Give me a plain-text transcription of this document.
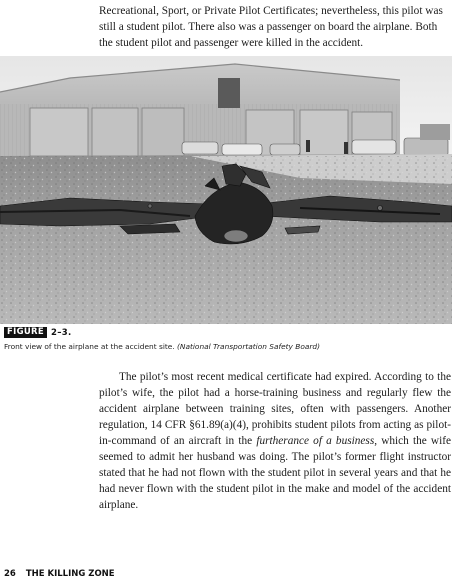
Recreational, Sport, or Private Pilot Certificates; nevertheless, this pilot was still a student pilot. There also was a passenger on board the airplane. Both the student pilot and passenger were killed in the accident.

FIGURE 2–3.

Front view of the airplane at the accident site. (National Transportation Safety Board)

The pilot’s most recent medical certificate had expired. According to the pilot’s wife, the pilot had a horse-training business and regularly flew the accident airplane between training sites, often with passengers. Another regulation, 14 CFR §61.89(a)(4), prohibits student pilots from acting as pilot-in-command of an aircraft in the furtherance of a business, which the wife seemed to admit her husband was doing. The pilot’s former flight instructor stated that he had not flown with the student pilot in several years and that he had never flown with the student pilot in the make and model of the accident airplane.

26 THE KILLING ZONE
